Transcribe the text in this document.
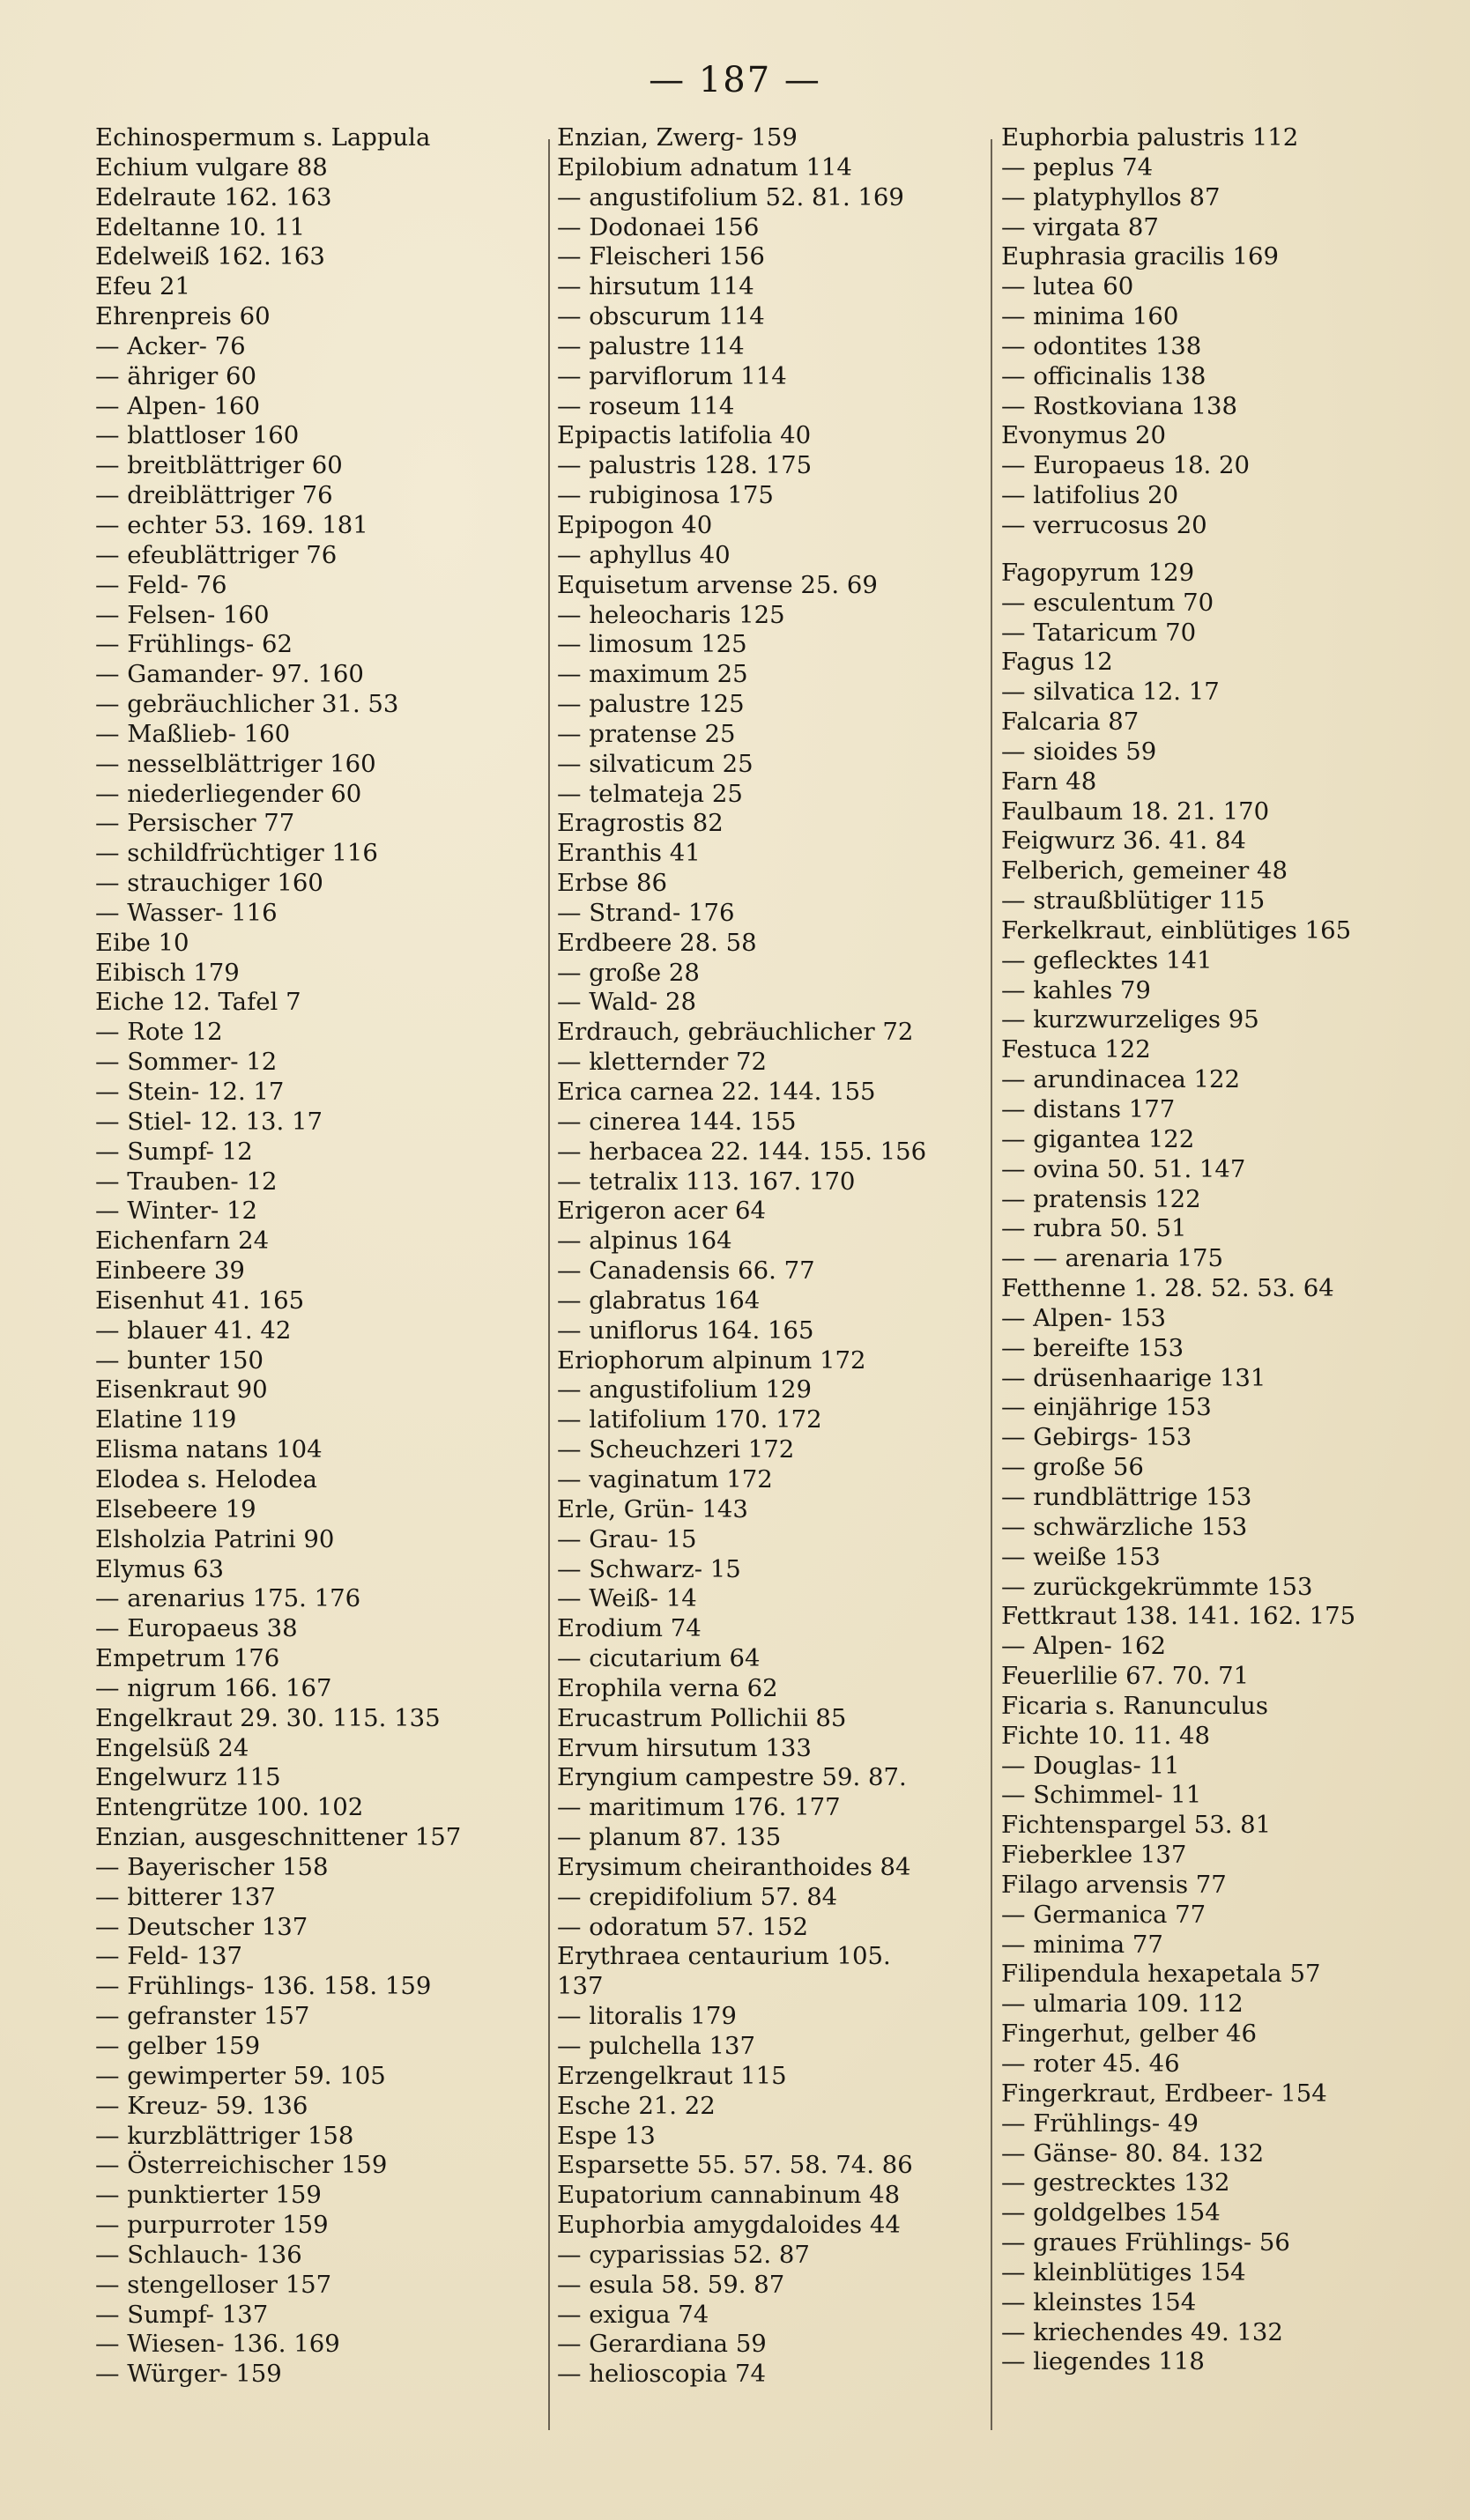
— 187 —
Echinospermum s. Lappula
Echium vulgare 88
Edelraute 162. 163
Edeltanne 10. 11
Edelweiß 162. 163
Efeu 21
Ehrenpreis 60
— Acker- 76
— ähriger 60
— Alpen- 160
— blattloser 160
— breitblättriger 60
— dreiblättriger 76
— echter 53. 169. 181
— efeublättriger 76
— Feld- 76
— Felsen- 160
— Frühlings- 62
— Gamander- 97. 160
— gebräuchlicher 31. 53
— Maßlieb- 160
— nesselblättriger 160
— niederliegender 60
— Persischer 77
— schildfrüchtiger 116
— strauchiger 160
— Wasser- 116
Eibe 10
Eibisch 179
Eiche 12. Tafel 7
— Rote 12
— Sommer- 12
— Stein- 12. 17
— Stiel- 12. 13. 17
— Sumpf- 12
— Trauben- 12
— Winter- 12
Eichenfarn 24
Einbeere 39
Eisenhut 41. 165
— blauer 41. 42
— bunter 150
Eisenkraut 90
Elatine 119
Elisma natans 104
Elodea s. Helodea
Elsebeere 19
Elsholzia Patrini 90
Elymus 63
— arenarius 175. 176
— Europaeus 38
Empetrum 176
— nigrum 166. 167
Engelkraut 29. 30. 115. 135
Engelsüß 24
Engelwurz 115
Entengrütze 100. 102
Enzian, ausgeschnittener 157
— Bayerischer 158
— bitterer 137
— Deutscher 137
— Feld- 137
— Frühlings- 136. 158. 159
— gefranster 157
— gelber 159
— gewimperter 59. 105
— Kreuz- 59. 136
— kurzblättriger 158
— Österreichischer 159
— punktierter 159
— purpurroter 159
— Schlauch- 136
— stengelloser 157
— Sumpf- 137
— Wiesen- 136. 169
— Würger- 159
Enzian, Zwerg- 159
Epilobium adnatum 114
— angustifolium 52. 81. 169
— Dodonaei 156
— Fleischeri 156
— hirsutum 114
— obscurum 114
— palustre 114
— parviflorum 114
— roseum 114
Epipactis latifolia 40
— palustris 128. 175
— rubiginosa 175
Epipogon 40
— aphyllus 40
Equisetum arvense 25. 69
— heleocharis 125
— limosum 125
— maximum 25
— palustre 125
— pratense 25
— silvaticum 25
— telmateja 25
Eragrostis 82
Eranthis 41
Erbse 86
— Strand- 176
Erdbeere 28. 58
— große 28
— Wald- 28
Erdrauch, gebräuchlicher 72
— kletternder 72
Erica carnea 22. 144. 155
— cinerea 144. 155
— herbacea 22. 144. 155. 156
— tetralix 113. 167. 170
Erigeron acer 64
— alpinus 164
— Canadensis 66. 77
— glabratus 164
— uniflorus 164. 165
Eriophorum alpinum 172
— angustifolium 129
— latifolium 170. 172
— Scheuchzeri 172
— vaginatum 172
Erle, Grün- 143
— Grau- 15
— Schwarz- 15
— Weiß- 14
Erodium 74
— cicutarium 64
Erophila verna 62
Erucastrum Pollichii 85
Ervum hirsutum 133
Eryngium campestre 59. 87.
— maritimum 176. 177
— planum 87. 135
Erysimum cheiranthoides 84
— crepidifolium 57. 84
— odoratum 57. 152
Erythraea centaurium 105.
137
— litoralis 179
— pulchella 137
Erzengelkraut 115
Esche 21. 22
Espe 13
Esparsette 55. 57. 58. 74. 86
Eupatorium cannabinum 48
Euphorbia amygdaloides 44
— cyparissias 52. 87
— esula 58. 59. 87
— exigua 74
— Gerardiana 59
— helioscopia 74
Euphorbia palustris 112
— peplus 74
— platyphyllos 87
— virgata 87
Euphrasia gracilis 169
— lutea 60
— minima 160
— odontites 138
— officinalis 138
— Rostkoviana 138
Evonymus 20
— Europaeus 18. 20
— latifolius 20
— verrucosus 20
Fagopyrum 129
— esculentum 70
— Tataricum 70
Fagus 12
— silvatica 12. 17
Falcaria 87
— sioides 59
Farn 48
Faulbaum 18. 21. 170
Feigwurz 36. 41. 84
Felberich, gemeiner 48
— straußblütiger 115
Ferkelkraut, einblütiges 165
— geflecktes 141
— kahles 79
— kurzwurzeliges 95
Festuca 122
— arundinacea 122
— distans 177
— gigantea 122
— ovina 50. 51. 147
— pratensis 122
— rubra 50. 51
— — arenaria 175
Fetthenne 1. 28. 52. 53. 64
— Alpen- 153
— bereifte 153
— drüsenhaarige 131
— einjährige 153
— Gebirgs- 153
— große 56
— rundblättrige 153
— schwärzliche 153
— weiße 153
— zurückgekrümmte 153
Fettkraut 138. 141. 162. 175
— Alpen- 162
Feuerlilie 67. 70. 71
Ficaria s. Ranunculus
Fichte 10. 11. 48
— Douglas- 11
— Schimmel- 11
Fichtenspargel 53. 81
Fieberklee 137
Filago arvensis 77
— Germanica 77
— minima 77
Filipendula hexapetala 57
— ulmaria 109. 112
Fingerhut, gelber 46
— roter 45. 46
Fingerkraut, Erdbeer- 154
— Frühlings- 49
— Gänse- 80. 84. 132
— gestrecktes 132
— goldgelbes 154
— graues Frühlings- 56
— kleinblütiges 154
— kleinstes 154
— kriechendes 49. 132
— liegendes 118
